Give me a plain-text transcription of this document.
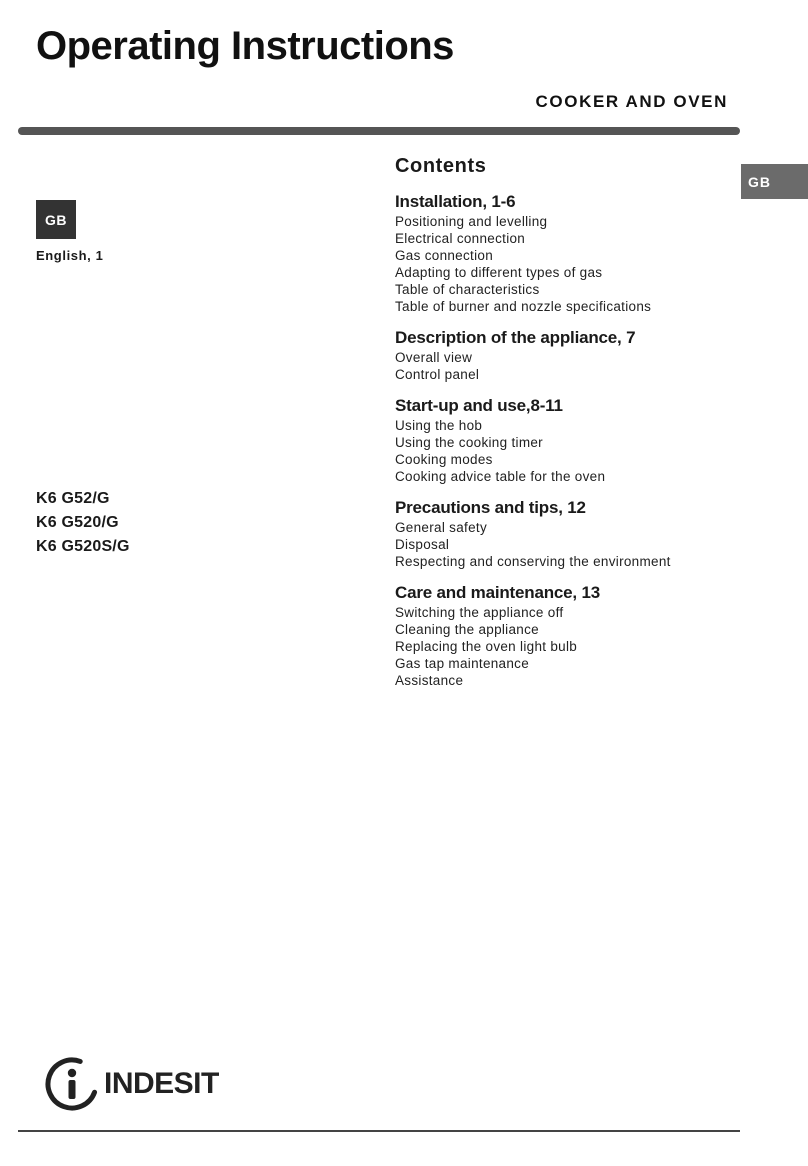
Operating Instructions
COOKER AND OVEN
GB
GB
English, 1
K6 G52/G
K6 G520/G
K6 G520S/G
Contents
Installation, 1-6
Positioning and levelling
Electrical connection
Gas connection
Adapting to different types of gas
Table of characteristics
Table of burner and nozzle specifications
Description of the appliance, 7
Overall view
Control panel
Start-up and use,8-11
Using the hob
Using the cooking timer
Cooking modes
Cooking advice table for the oven
Precautions and tips, 12
General safety
Disposal
Respecting and conserving the environment
Care and maintenance, 13
Switching the appliance off
Cleaning the appliance
Replacing the oven light bulb
Gas tap maintenance
Assistance
INDESIT
